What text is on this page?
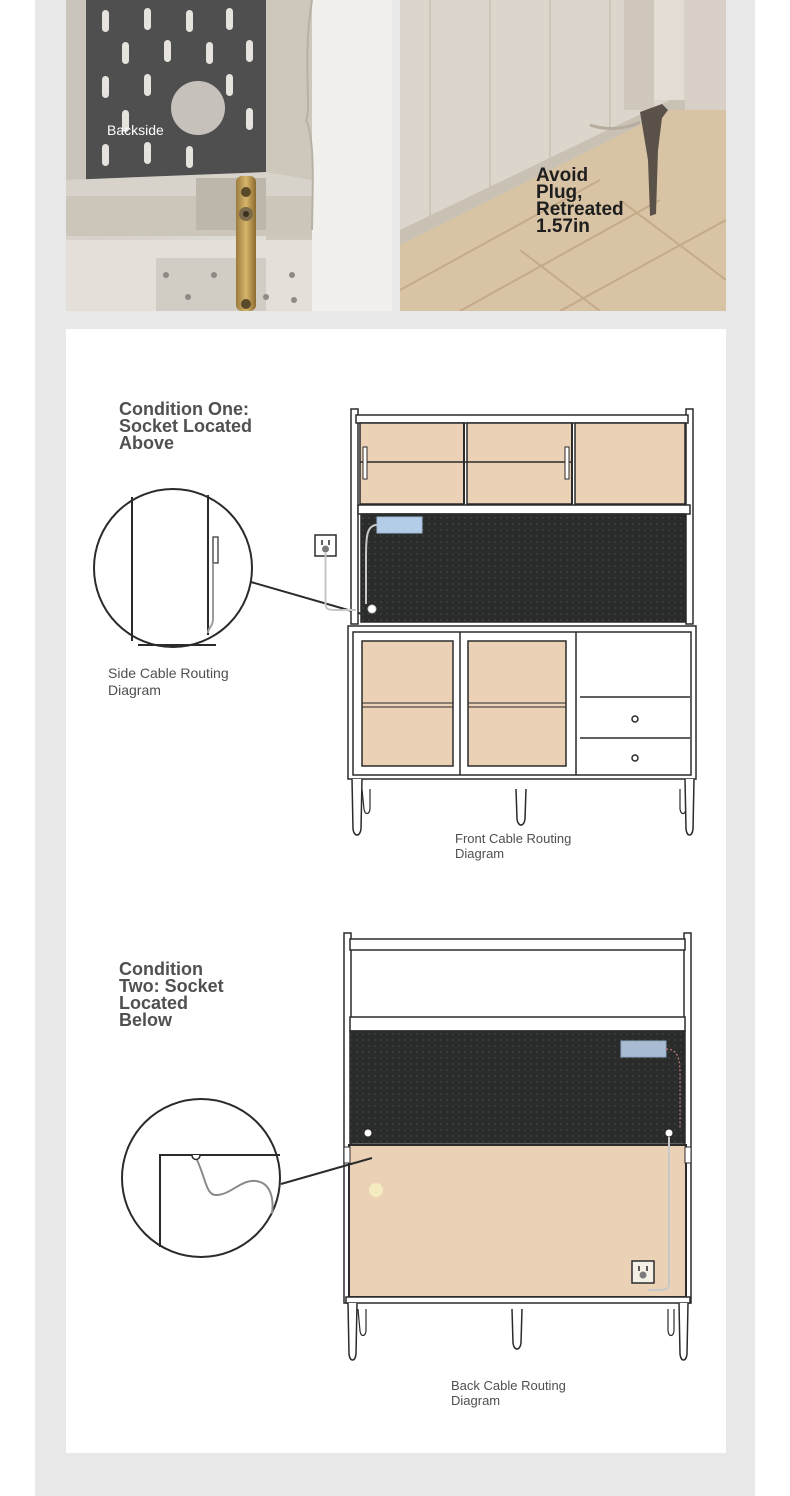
Backside
Avoid
Plug,
Retreated
1.57in
Condition One:
Socket Located
Above
Side Cable Routing
Diagram
Front Cable Routing
Diagram
Condition
Two: Socket
Located
Below
Back Cable Routing
Diagram
